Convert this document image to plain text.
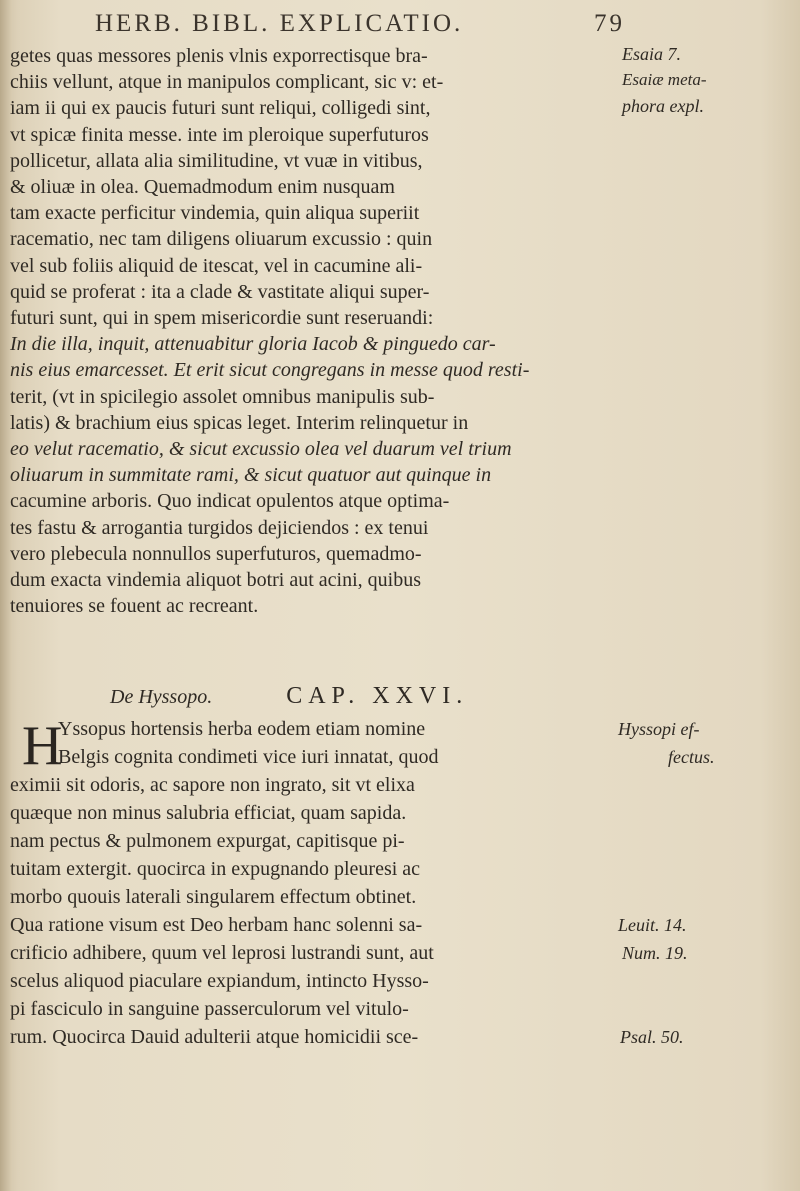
HERB. BIBL. EXPLICATIO.	79
getes quas messores plenis vlnis exporrectisque bra-
chiis vellunt, atque in manipulos complicant, sic v: et-
iam ii qui ex paucis futuri sunt reliqui, colligedi sint,
vt spicæ finita messe. inte im pleroique superfuturos
pollicetur, allata alia similitudine, vt vuæ in vitibus,
& oliuæ in olea. Quemadmodum enim nusquam
tam exacte perficitur vindemia, quin aliqua superiit
racematio, nec tam diligens oliuarum excussio : quin
vel sub foliis aliquid de itescat, vel in cacumine ali-
quid se proferat : ita a clade & vastitate aliqui super-
futuri sunt, qui in spem misericordie sunt reseruandi:
In die illa, inquit, attenuabitur gloria Iacob & pinguedo car-
nis eius emarcesset. Et erit sicut congregans in messe quod resti-
terit, (vt in spicilegio assolet omnibus manipulis sub-
latis) & brachium eius spicas leget. Interim relinquetur in
eo velut racematio, & sicut excussio olea vel duarum vel trium
oliuarum in summitate rami, & sicut quatuor aut quinque in
cacumine arboris. Quo indicat opulentos atque optima-
tes fastu & arrogantia turgidos dejiciendos : ex tenui
vero plebecula nonnullos superfuturos, quemadmo-
dum exacta vindemia aliquot botri aut acini, quibus
tenuiores se fouent ac recreant.
Esaia 7.
Esaiæ meta-
phora expl.
De Hyssopo.	CAP. XXVI.
H
Yssopus hortensis herba eodem etiam nomine
Belgis cognita condimeti vice iuri innatat, quod
eximii sit odoris, ac sapore non ingrato, sit vt elixa
quæque non minus salubria efficiat, quam sapida.
nam pectus & pulmonem expurgat, capitisque pi-
tuitam extergit. quocirca in expugnando pleuresi ac
morbo quouis laterali singularem effectum obtinet.
Qua ratione visum est Deo herbam hanc solenni sa-
crificio adhibere, quum vel leprosi lustrandi sunt, aut
scelus aliquod piaculare expiandum, intincto Hysso-
pi fasciculo in sanguine passerculorum vel vitulo-
rum. Quocirca Dauid adulterii atque homicidii sce-
Hyssopi ef-
fectus.
Leuit. 14.
Num. 19.
Psal. 50.
